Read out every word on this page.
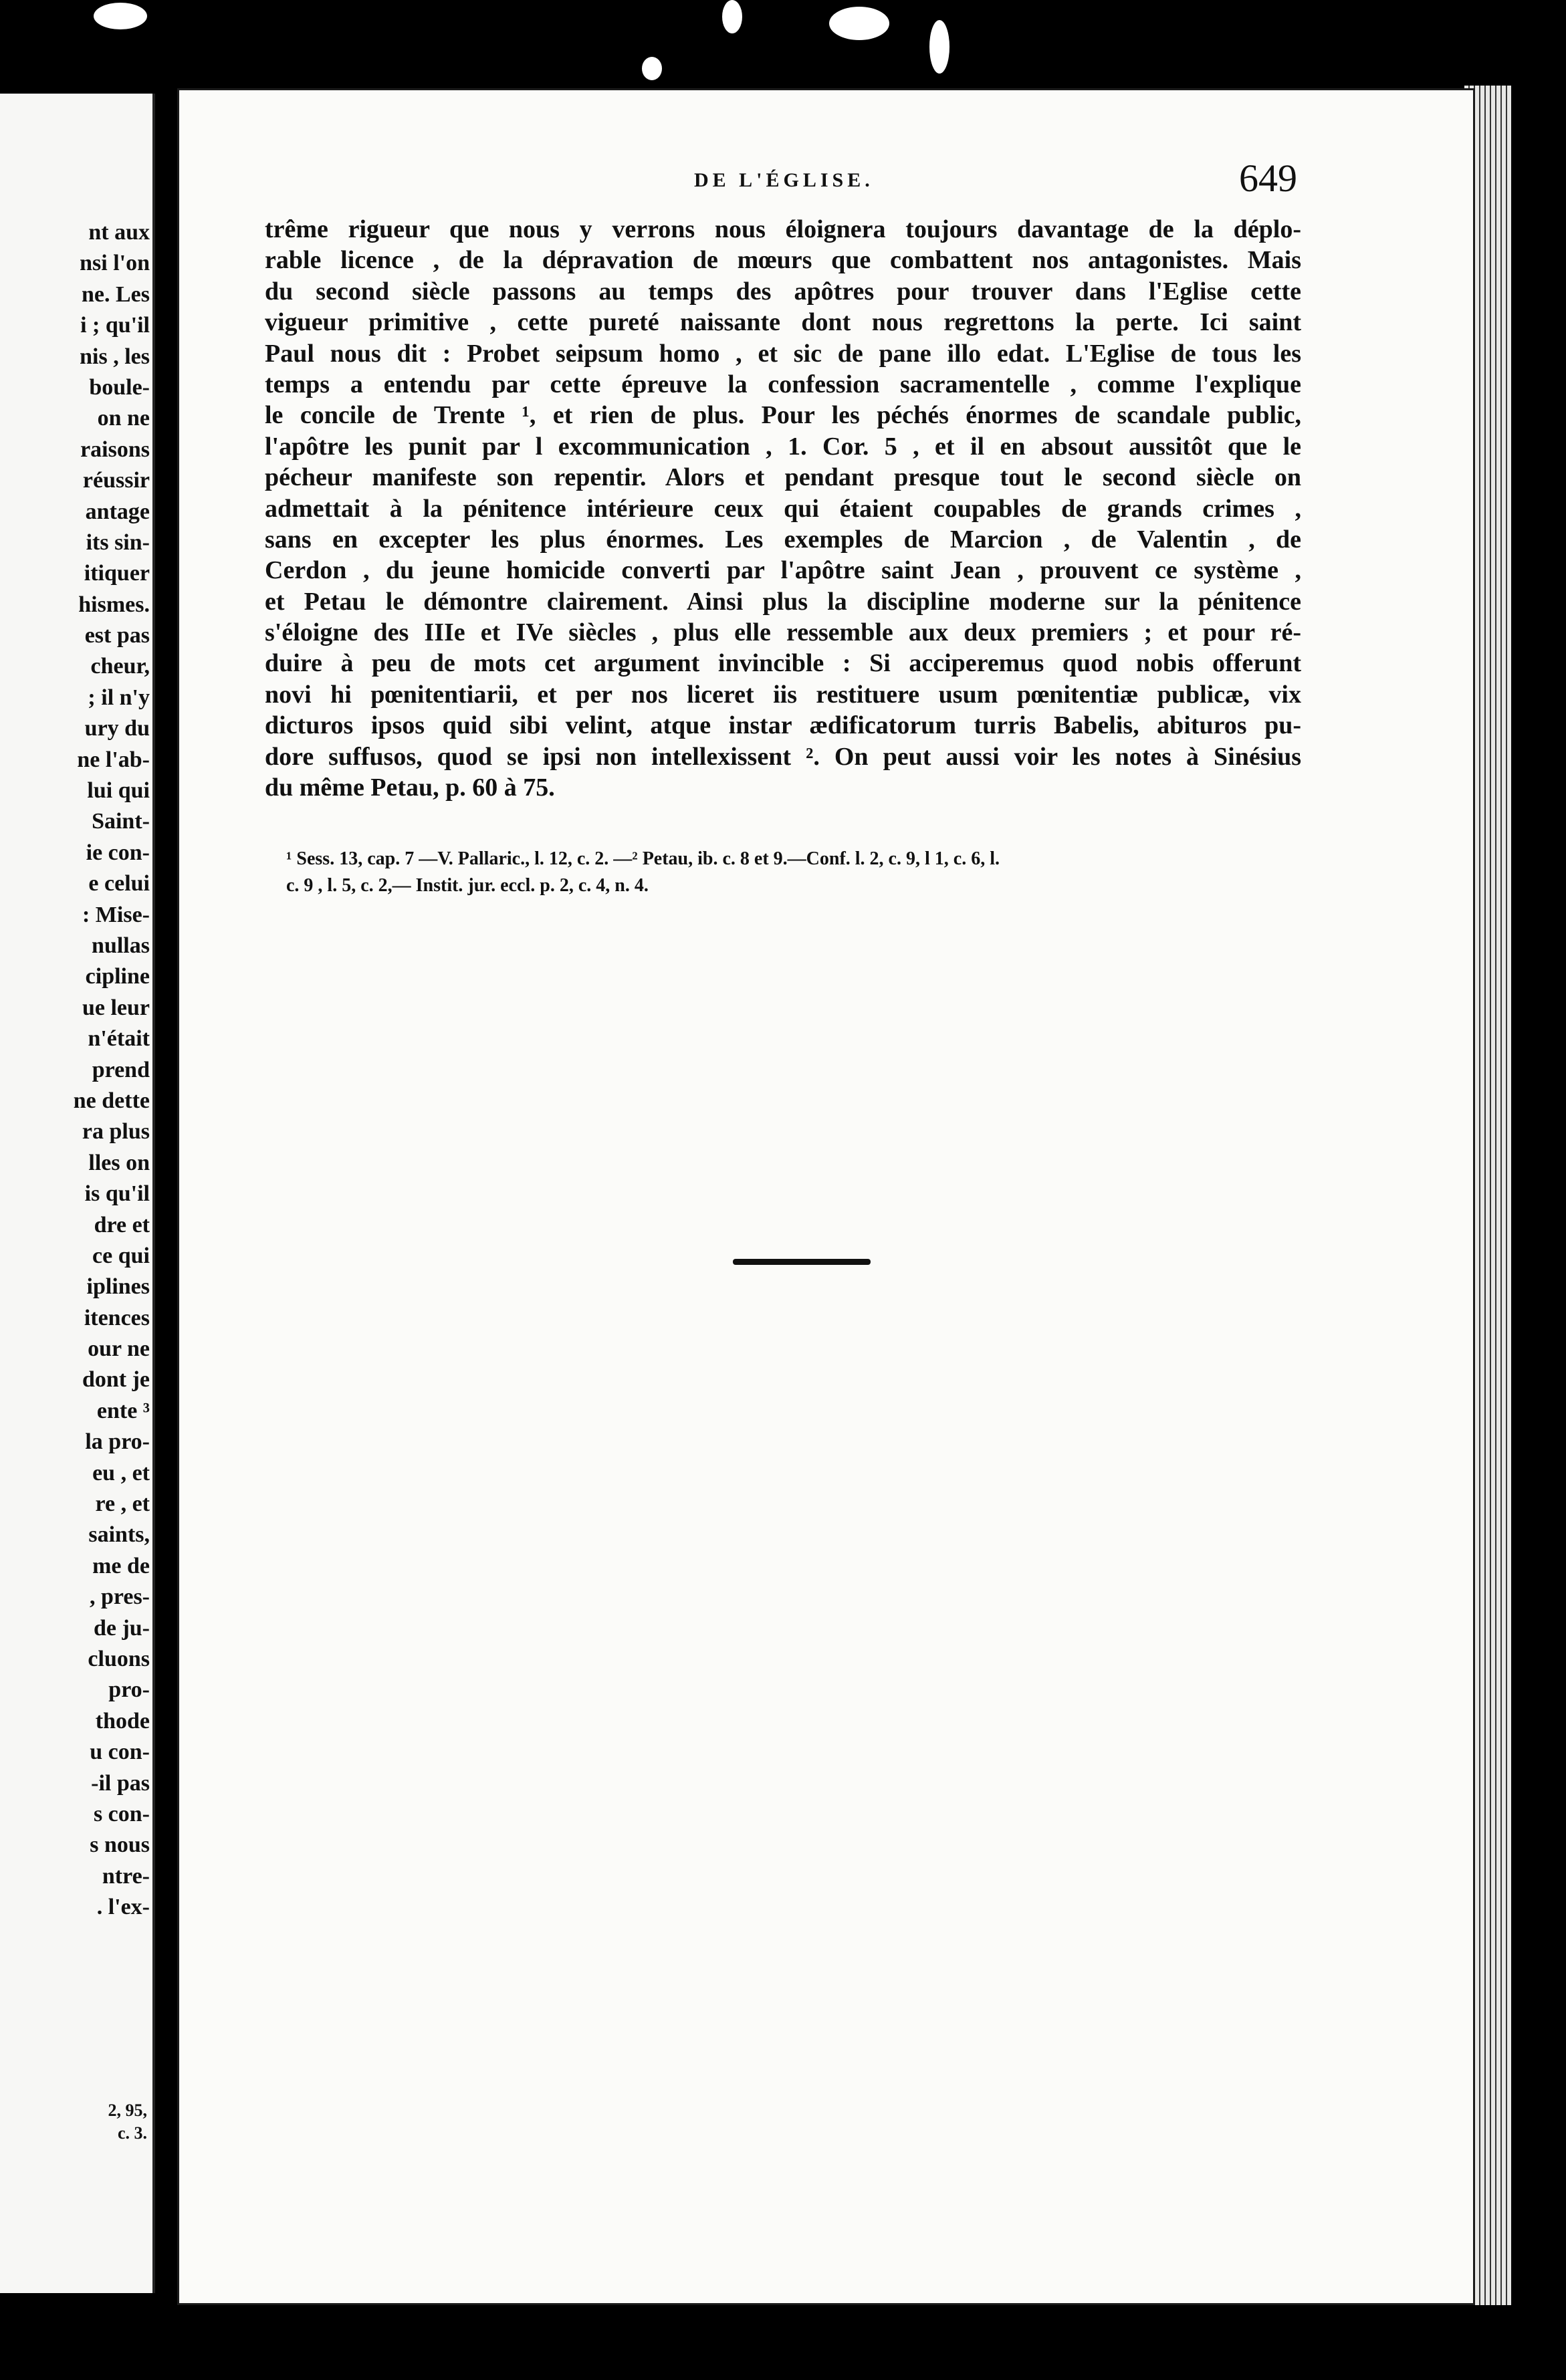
nt aux
nsi l'on
ne. Les
i ; qu'il
nis , les
boule-
on ne
raisons
réussir
antage
its sin-
itiquer
hismes.
est pas
cheur,
; il n'y
ury du
ne l'ab-
lui qui
Saint-
ie con-
e celui
: Mise-
nullas
cipline
ue leur
n'était
prend
ne dette
ra plus
lles on
is qu'il
dre et
ce qui
iplines
itences
our ne
dont je
ente ³
la pro-
eu , et
re , et
saints,
me de
, pres-
de ju-
cluons
pro-
thode
u con-
-il pas
s con-
s nous
ntre-
. l'ex-
2, 95,
c. 3.
DE L'ÉGLISE.	649
trême rigueur que nous y verrons nous éloignera toujours davantage de la déplo-
rable licence , de la dépravation de mœurs que combattent nos antagonistes. Mais
du second siècle passons au temps des apôtres pour trouver dans l'Eglise cette
vigueur primitive , cette pureté naissante dont nous regrettons la perte. Ici saint
Paul nous dit : Probet seipsum homo , et sic de pane illo edat. L'Eglise de tous les
temps a entendu par cette épreuve la confession sacramentelle , comme l'explique
le concile de Trente ¹, et rien de plus. Pour les péchés énormes de scandale public,
l'apôtre les punit par l excommunication , 1. Cor. 5 , et il en absout aussitôt que le
pécheur manifeste son repentir. Alors et pendant presque tout le second siècle on
admettait à la pénitence intérieure ceux qui étaient coupables de grands crimes ,
sans en excepter les plus énormes. Les exemples de Marcion , de Valentin , de
Cerdon , du jeune homicide converti par l'apôtre saint Jean , prouvent ce système ,
et Petau le démontre clairement. Ainsi plus la discipline moderne sur la pénitence
s'éloigne des IIIe et IVe siècles , plus elle ressemble aux deux premiers ; et pour ré-
duire à peu de mots cet argument invincible : Si acciperemus quod nobis offerunt
novi hi pœnitentiarii, et per nos liceret iis restituere usum pœnitentiæ publicæ, vix
dicturos ipsos quid sibi velint, atque instar ædificatorum turris Babelis, abituros pu-
dore suffusos, quod se ipsi non intellexissent ². On peut aussi voir les notes à Sinésius
du même Petau, p. 60 à 75.
¹ Sess. 13, cap. 7 —V. Pallaric., l. 12, c. 2. —² Petau, ib. c. 8 et 9.—Conf. l. 2, c. 9, l 1, c. 6, l.
c. 9 , l. 5, c. 2,— Instit. jur. eccl. p. 2, c. 4, n. 4.
